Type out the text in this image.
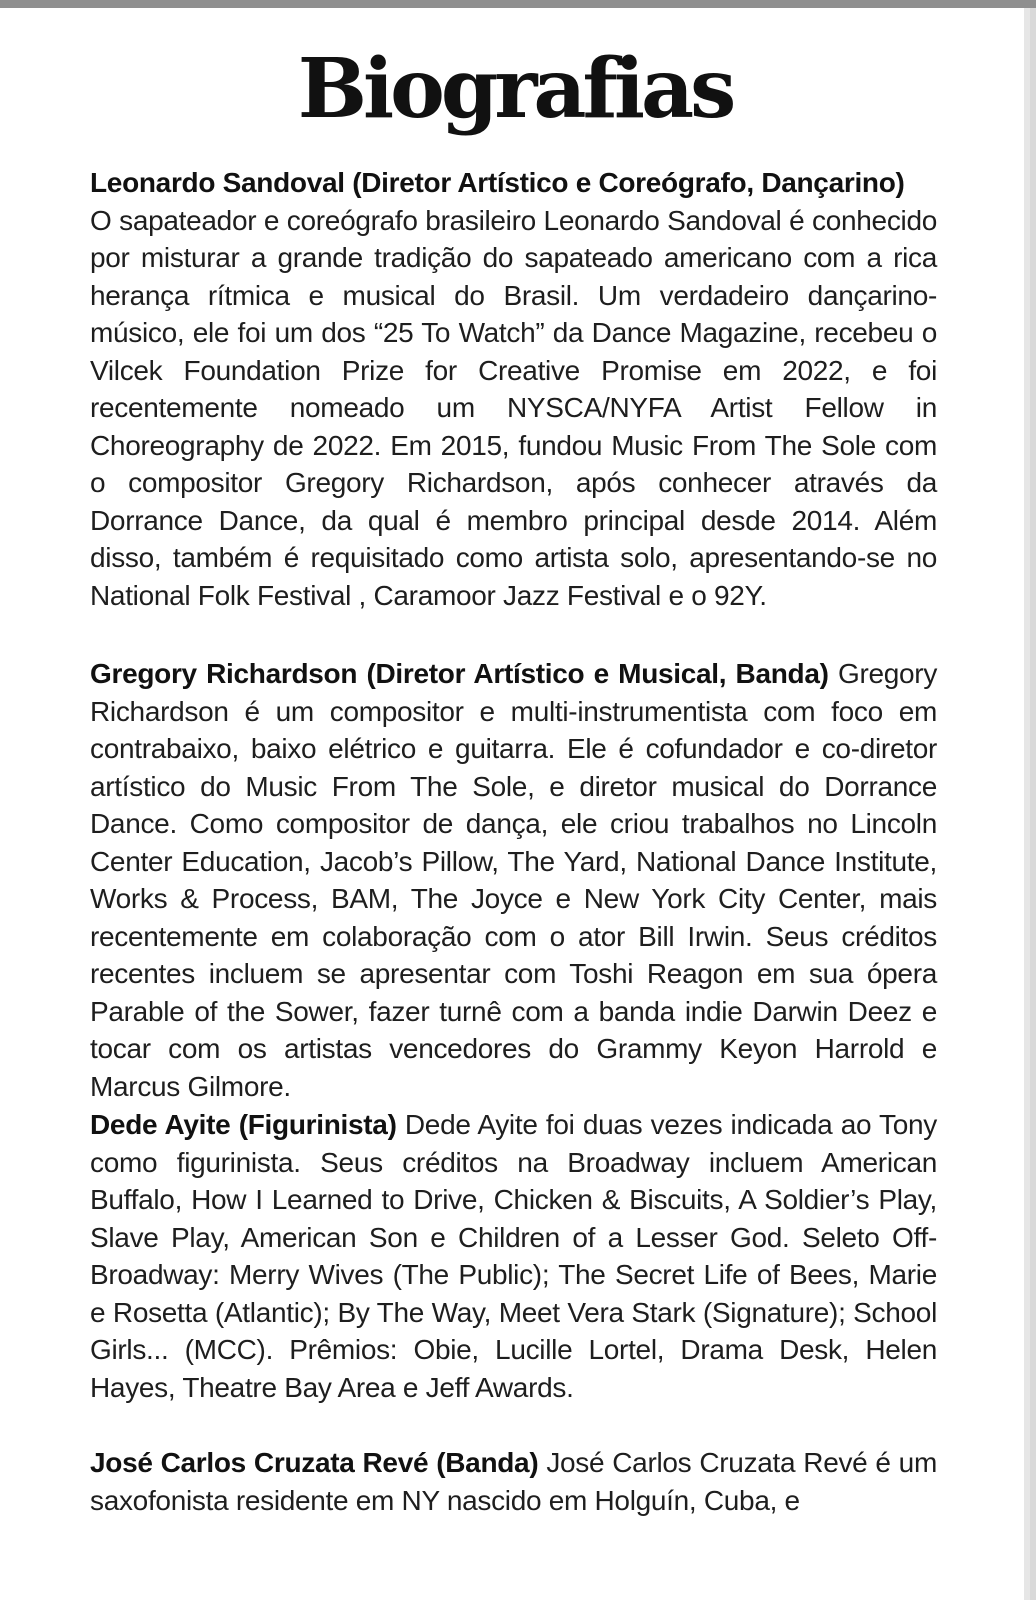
Biografias

Leonardo Sandoval (Diretor Artístico e Coreógrafo, Dançarino)
O sapateador e coreógrafo brasileiro Leonardo Sandoval é conhecido por misturar a grande tradição do sapateado americano com a rica herança rítmica e musical do Brasil. Um verdadeiro dançarino-músico, ele foi um dos “25 To Watch” da Dance Magazine, recebeu o Vilcek Foundation Prize for Creative Promise em 2022, e foi recentemente nomeado um NYSCA/NYFA Artist Fellow in Choreography de 2022. Em 2015, fundou Music From The Sole com o compositor Gregory Richardson, após conhecer através da Dorrance Dance, da qual é membro principal desde 2014. Além disso, também é requisitado como artista solo, apresentando-se no National Folk Festival , Caramoor Jazz Festival e o 92Y.

Gregory Richardson (Diretor Artístico e Musical, Banda) Gregory Richardson é um compositor e multi-instrumentista com foco em contrabaixo, baixo elétrico e guitarra. Ele é cofundador e co-diretor artístico do Music From The Sole, e diretor musical do Dorrance Dance. Como compositor de dança, ele criou trabalhos no Lincoln Center Education, Jacob’s Pillow, The Yard, National Dance Institute, Works & Process, BAM, The Joyce e New York City Center, mais recentemente em colaboração com o ator Bill Irwin. Seus créditos recentes incluem se apresentar com Toshi Reagon em sua ópera Parable of the Sower, fazer turnê com a banda indie Darwin Deez e tocar com os artistas vencedores do Grammy Keyon Harrold e Marcus Gilmore.

Dede Ayite (Figurinista) Dede Ayite foi duas vezes indicada ao Tony como figurinista. Seus créditos na Broadway incluem American Buffalo, How I Learned to Drive, Chicken & Biscuits, A Soldier’s Play, Slave Play, American Son e Children of a Lesser God. Seleto Off-Broadway: Merry Wives (The Public); The Secret Life of Bees, Marie e Rosetta (Atlantic); By The Way, Meet Vera Stark (Signature); School Girls... (MCC). Prêmios: Obie, Lucille Lortel, Drama Desk, Helen Hayes, Theatre Bay Area e Jeff Awards.

José Carlos Cruzata Revé (Banda) José Carlos Cruzata Revé é um saxofonista residente em NY nascido em Holguín, Cuba, e
